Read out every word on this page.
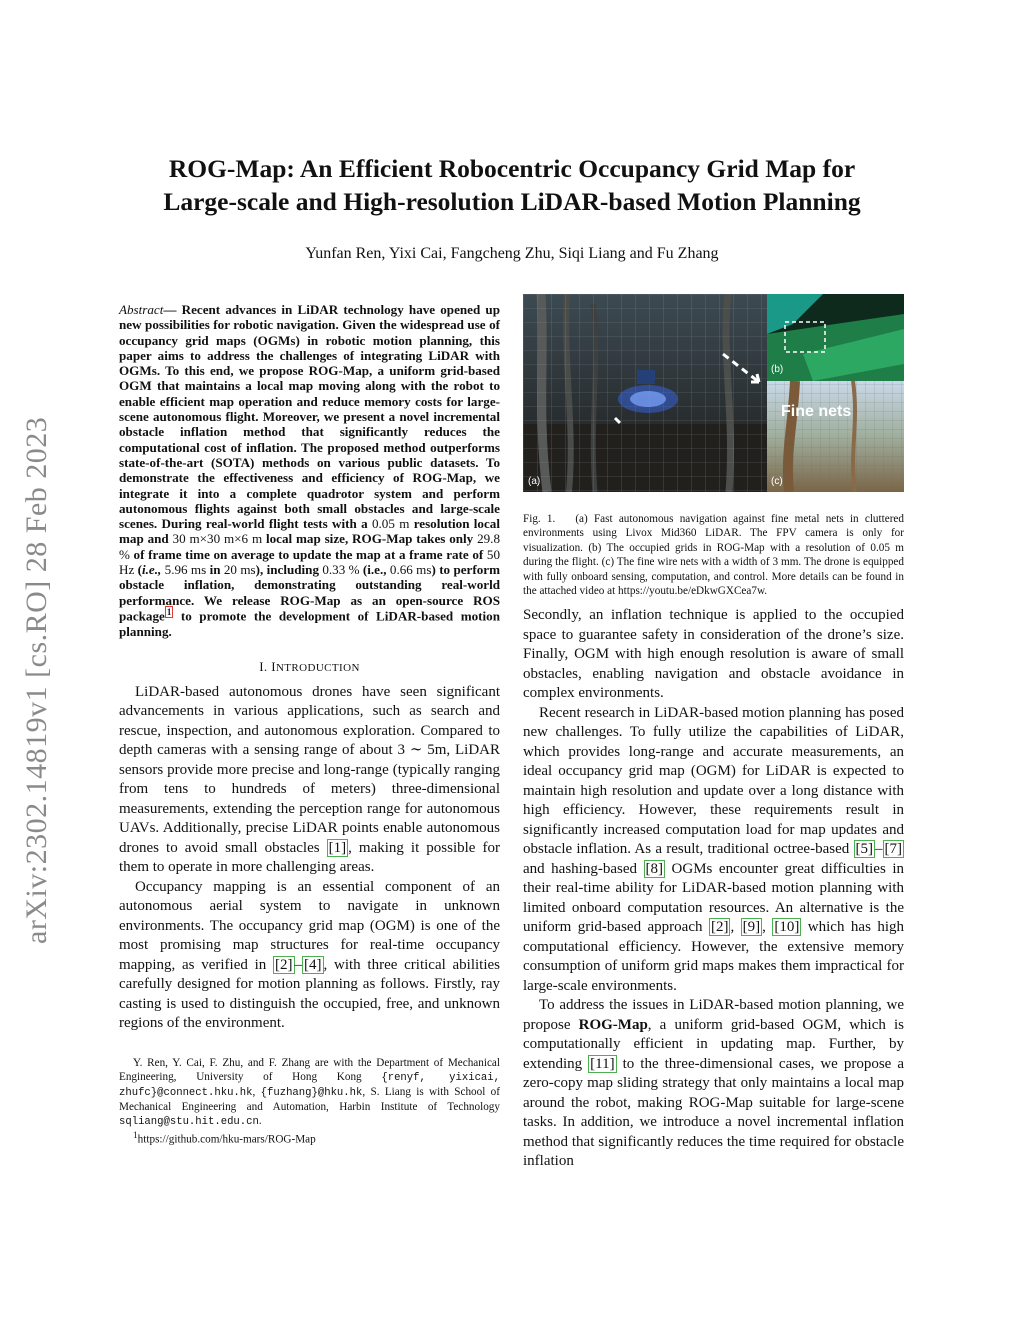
arXiv:2302.14819v1 [cs.RO] 28 Feb 2023
ROG-Map: An Efficient Robocentric Occupancy Grid Map for
Large-scale and High-resolution LiDAR-based Motion Planning
Yunfan Ren, Yixi Cai, Fangcheng Zhu, Siqi Liang and Fu Zhang

Abstract— Recent advances in LiDAR technology have opened up new possibilities for robotic navigation. Given the widespread use of occupancy grid maps (OGMs) in robotic motion planning, this paper aims to address the challenges of integrating LiDAR with OGMs. To this end, we propose ROG-Map, a uniform grid-based OGM that maintains a local map moving along with the robot to enable efficient map operation and reduce memory costs for large-scene autonomous flight. Moreover, we present a novel incremental obstacle inflation method that significantly reduces the computational cost of inflation. The proposed method outperforms state-of-the-art (SOTA) methods on various public datasets. To demonstrate the effectiveness and efficiency of ROG-Map, we integrate it into a complete quadrotor system and perform autonomous flights against both small obstacles and large-scale scenes. During real-world flight tests with a 0.05 m resolution local map and 30 m×30 m×6 m local map size, ROG-Map takes only 29.8 % of frame time on average to update the map at a frame rate of 50 Hz (i.e., 5.96 ms in 20 ms), including 0.33 % (i.e., 0.66 ms) to perform obstacle inflation, demonstrating outstanding real-world performance. We release ROG-Map as an open-source ROS package $^1$ to promote the development of LiDAR-based motion planning.

I. INTRODUCTION

LiDAR-based autonomous drones have seen significant advancements in various applications, such as search and rescue, inspection, and autonomous exploration. Compared to depth cameras with a sensing range of about 3 ∼ 5m, LiDAR sensors provide more precise and long-range (typically ranging from tens to hundreds of meters) three-dimensional measurements, extending the perception range for autonomous UAVs. Additionally, precise LiDAR points enable autonomous drones to avoid small obstacles [1] , making it possible for them to operate in more challenging areas.

Occupancy mapping is an essential component of an autonomous aerial system to navigate in unknown environments. The occupancy grid map (OGM) is one of the most promising map structures for real-time occupancy mapping, as verified in [2] – [4] , with three critical abilities carefully designed for motion planning as follows. Firstly, ray casting is used to distinguish the occupied, free, and unknown regions of the environment.

Y. Ren, Y. Cai, F. Zhu, and F. Zhang are with the Department of Mechanical Engineering, University of Hong Kong {renyf, yixicai, zhufc}@connect.hku.hk, {fuzhang}@hku.hk, S. Liang is with School of Mechanical Engineering and Automation, Harbin Institute of Technology sqliang@stu.hit.edu.cn.

$^1$https://github.com/hku-mars/ROG-Map

(b)
Fine nets
(c)
(a)
Fig. 1. (a) Fast autonomous navigation against fine metal nets in cluttered environments using Livox Mid360 LiDAR. The FPV camera is only for visualization. (b) The occupied grids in ROG-Map with a resolution of 0.05 m during the flight. (c) The fine wire nets with a width of 3 mm. The drone is equipped with fully onboard sensing, computation, and control. More details can be found in the attached video at https://youtu.be/eDkwGXCea7w.

Secondly, an inflation technique is applied to the occupied space to guarantee safety in consideration of the drone’s size. Finally, OGM with high enough resolution is aware of small obstacles, enabling navigation and obstacle avoidance in complex environments.

Recent research in LiDAR-based motion planning has posed new challenges. To fully utilize the capabilities of LiDAR, which provides long-range and accurate measurements, an ideal occupancy grid map (OGM) for LiDAR is expected to maintain high resolution and update over a long distance with high efficiency. However, these requirements result in significantly increased computation load for map updates and obstacle inflation. As a result, traditional octree-based [5] – [7] and hashing-based [8] OGMs encounter great difficulties in their real-time ability for LiDAR-based motion planning with limited onboard computation resources. An alternative is the uniform grid-based approach [2] , [9] , [10] which has high computational efficiency. However, the extensive memory consumption of uniform grid maps makes them impractical for large-scale environments.

To address the issues in LiDAR-based motion planning, we propose ROG-Map, a uniform grid-based OGM, which is computationally efficient in updating map. Further, by extending [11] to the three-dimensional cases, we propose a zero-copy map sliding strategy that only maintains a local map around the robot, making ROG-Map suitable for large-scene tasks. In addition, we introduce a novel incremental inflation method that significantly reduces the time required for obstacle inflation
